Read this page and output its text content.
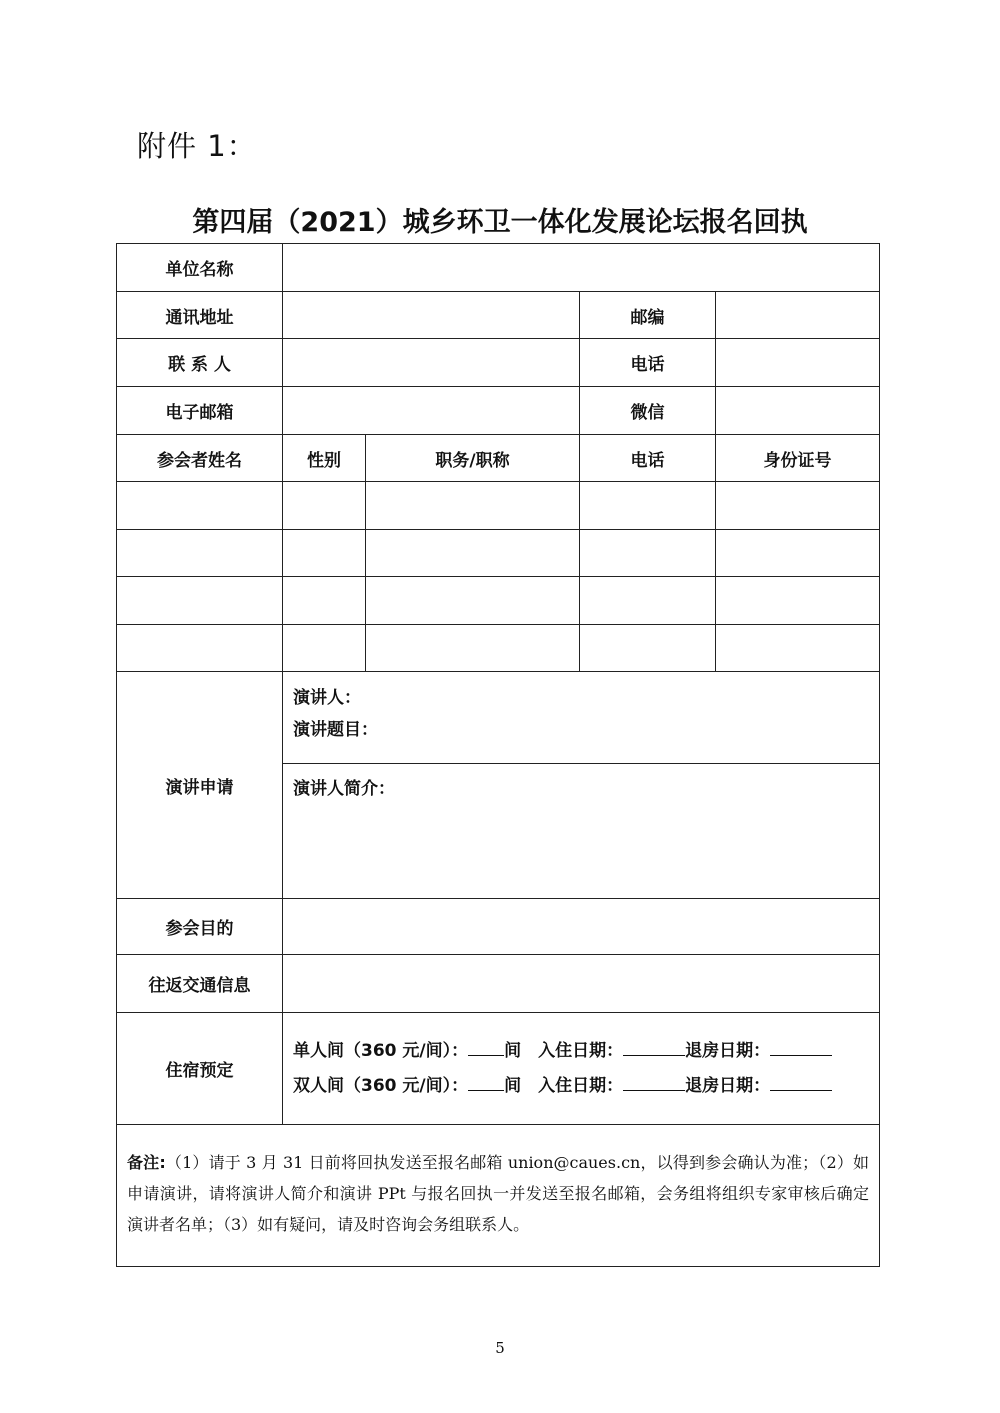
附件 1：
第四届（2021）城乡环卫一体化发展论坛报名回执
单位名称				
通讯地址			邮编	
联 系 人			电话	
电子邮箱			微信	
参会者姓名	性别	职务/职称	电话	身份证号

演讲申请	演讲人：
演讲题目：			

	演讲人简介：			

参会目的				
往返交通信息				
住宿预定	单人间（360 元/间）： 间 入住日期： 退房日期：
双人间（360 元/间）： 间 入住日期： 退房日期：			

备注:（1）请于 3 月 31 日前将回执发送至报名邮箱 union@caues.cn，以得到参会确认为准；（2）如申请演讲，请将演讲人简介和演讲 PPt 与报名回执一并发送至报名邮箱，会务组将组织专家审核后确定演讲者名单；（3）如有疑问，请及时咨询会务组联系人。				
5
